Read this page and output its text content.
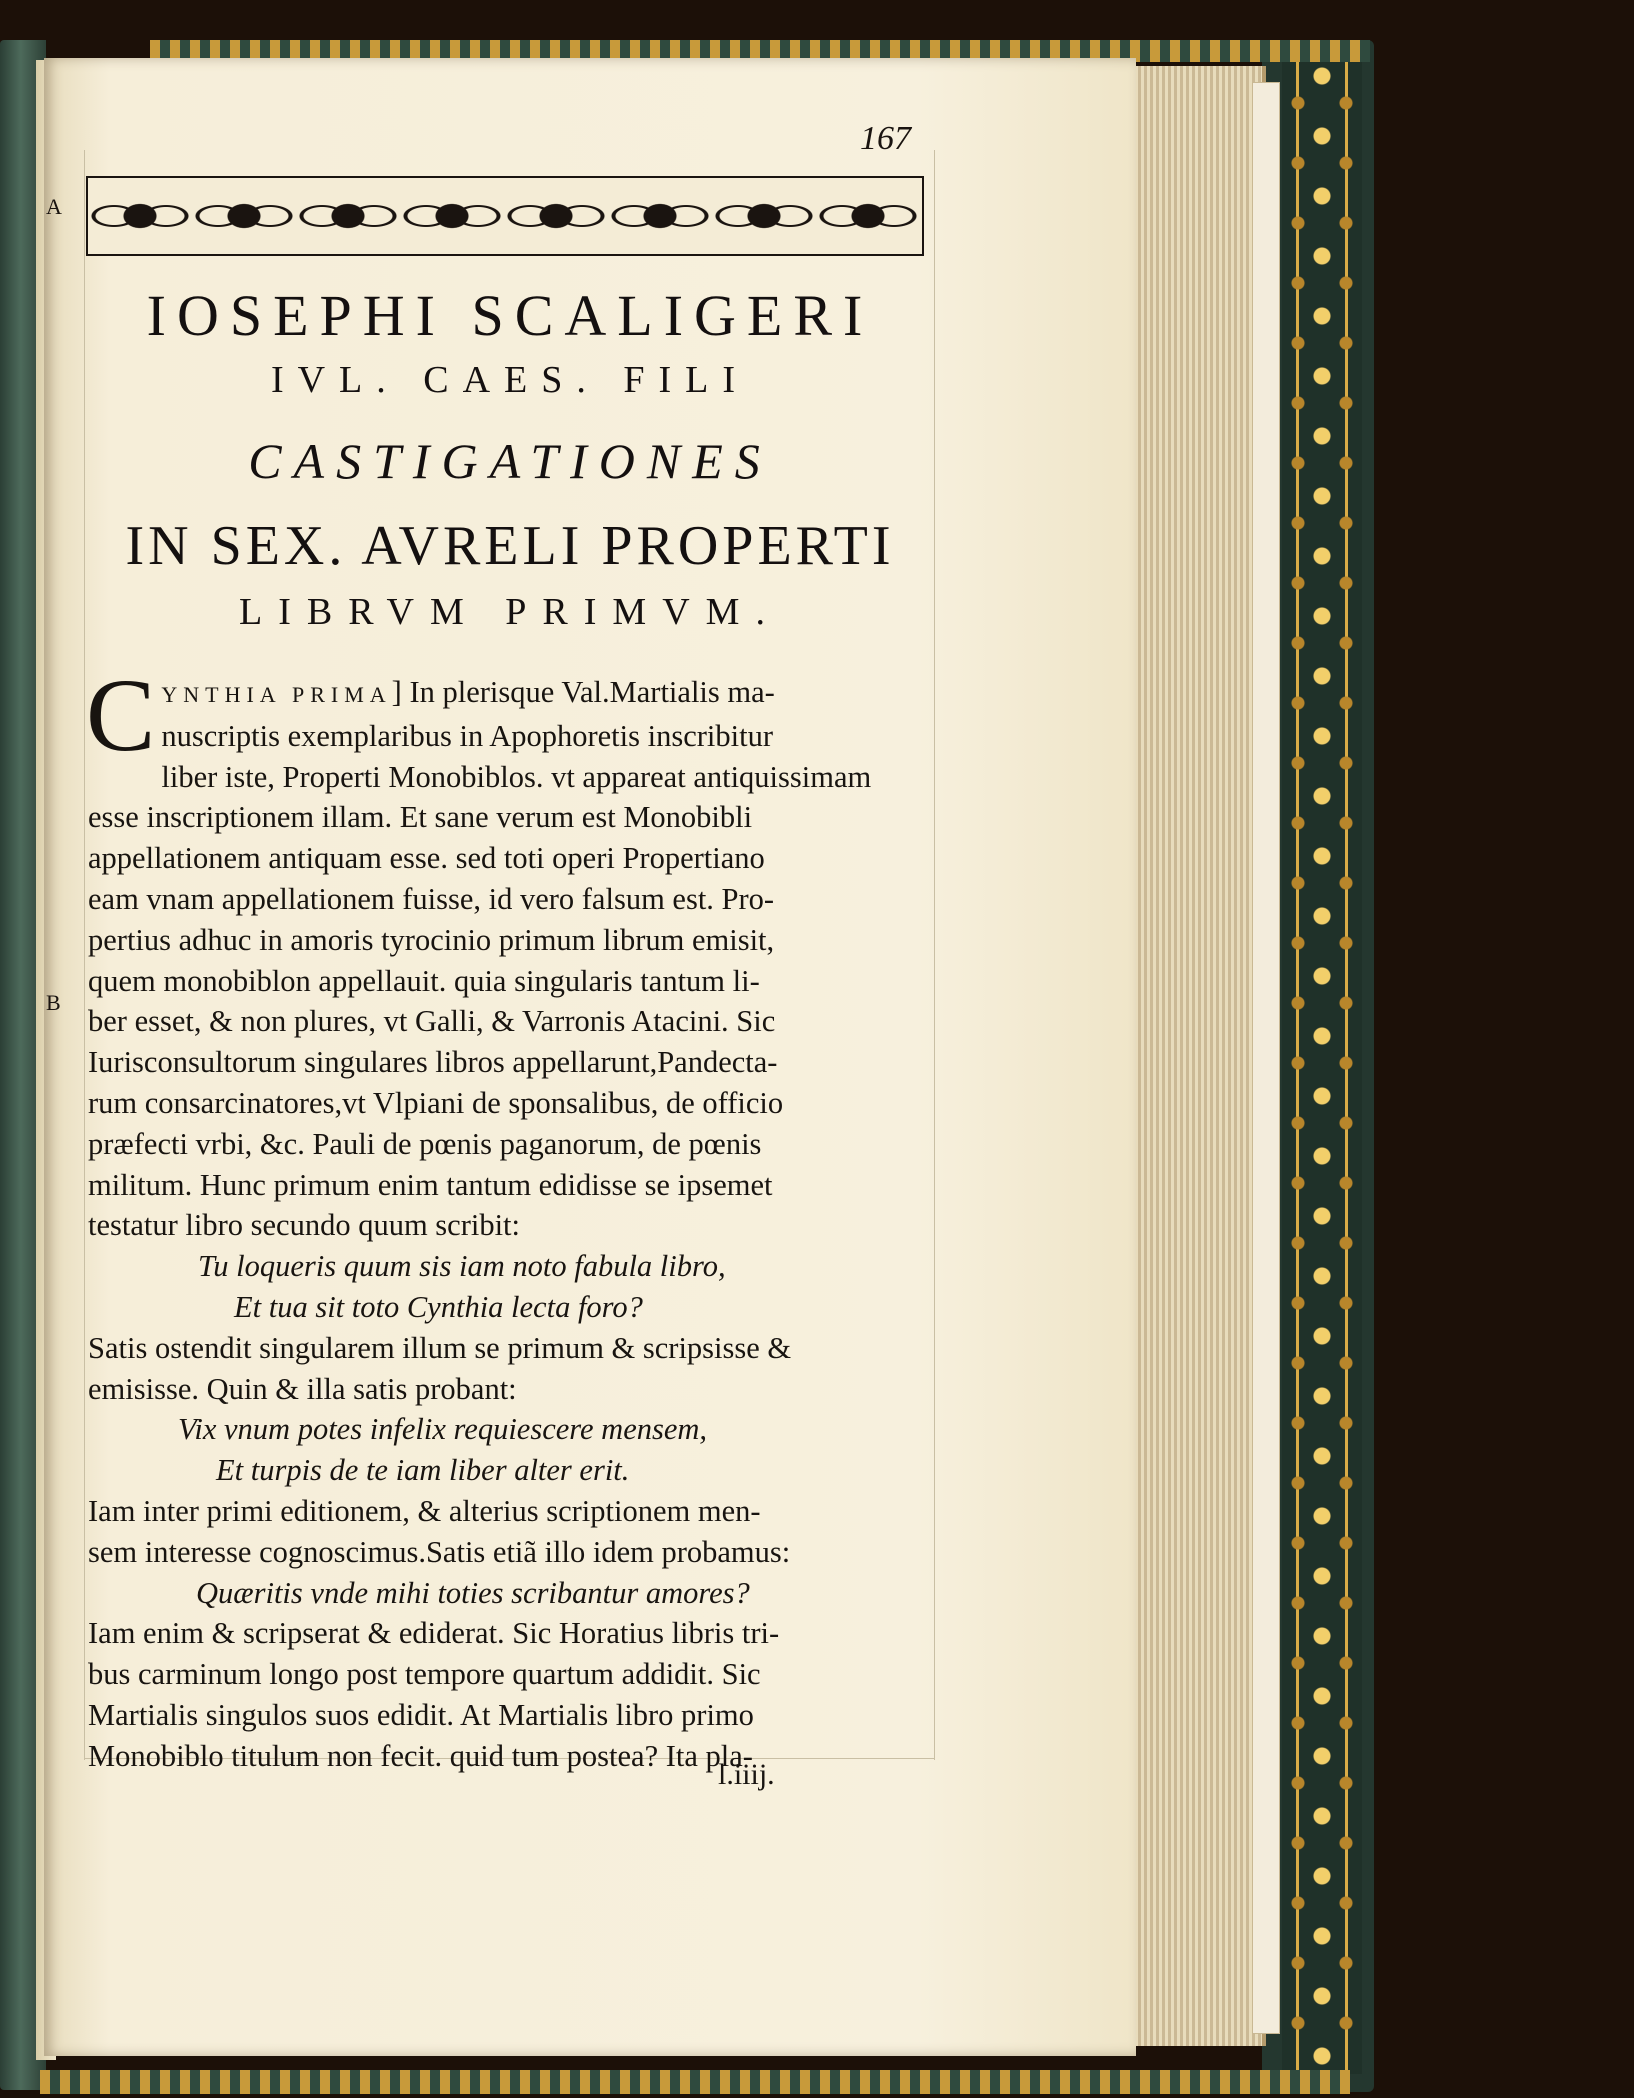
167
A
B
IOSEPHI SCALIGERI
IVL. CAES. FILI
CASTIGATIONES
IN SEX. AVRELI PROPERTI
LIBRVM PRIMVM.
C YNTHIA PRIMA] In plerisque Val.Martialis ma-
nuscriptis exemplaribus in Apophoretis inscribitur
liber iste, Properti Monobiblos. vt appareat antiquissimam
esse inscriptionem illam. Et sane verum est Monobibli
appellationem antiquam esse. sed toti operi Propertiano
eam vnam appellationem fuisse, id vero falsum est. Pro-
pertius adhuc in amoris tyrocinio primum librum emisit,
quem monobiblon appellauit. quia singularis tantum li-
ber esset, & non plures, vt Galli, & Varronis Atacini. Sic
Iurisconsultorum singulares libros appellarunt,Pandecta-
rum consarcinatores,vt Vlpiani de sponsalibus, de officio
præfecti vrbi, &c. Pauli de pœnis paganorum, de pœnis
militum. Hunc primum enim tantum edidisse se ipsemet
testatur libro secundo quum scribit:
Tu loqueris quum sis iam noto fabula libro,
Et tua sit toto Cynthia lecta foro?
Satis ostendit singularem illum se primum & scripsisse &
emisisse. Quin & illa satis probant:
Vix vnum potes infelix requiescere mensem,
Et turpis de te iam liber alter erit.
Iam inter primi editionem, & alterius scriptionem men-
sem interesse cognoscimus.Satis etiã illo idem probamus:
Quæritis vnde mihi toties scribantur amores?
Iam enim & scripserat & ediderat. Sic Horatius libris tri-
bus carminum longo post tempore quartum addidit. Sic
Martialis singulos suos edidit. At Martialis libro primo
Monobiblo titulum non fecit. quid tum postea? Ita pla-
l.iiij.
